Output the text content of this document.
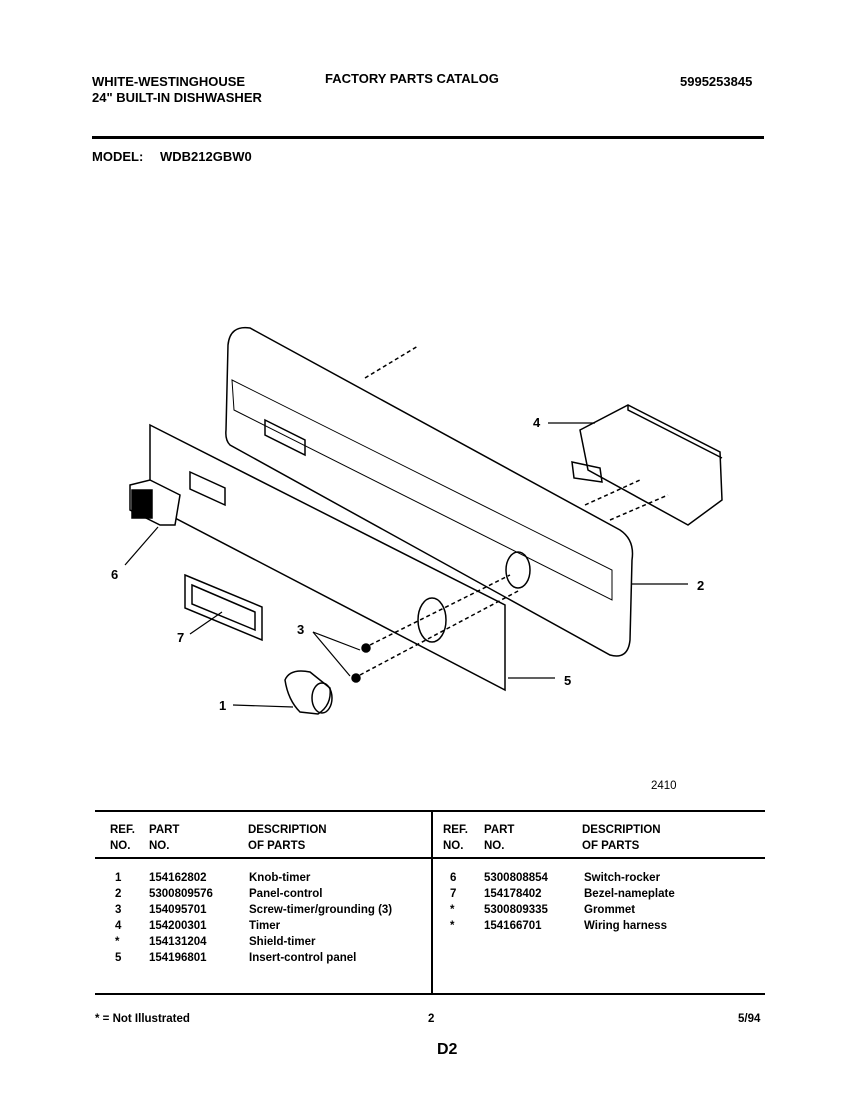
WHITE-WESTINGHOUSE
24" BUILT-IN DISHWASHER
FACTORY PARTS CATALOG	5995253845
MODEL: WDB212GBW0
1
2
3
4
5
6
7
2410
REF.
NO.
PART
NO.
DESCRIPTION
OF PARTS
REF.
NO.
PART
NO.
DESCRIPTION
OF PARTS
1 154162802	Knob-timer
2 5300809576	Panel-control
3 154095701	Screw-timer/grounding (3)
4 154200301	Timer
*	154131204	Shield-timer
5 154196801	Insert-control panel
6 5300808854	Switch-rocker
7 154178402	Bezel-nameplate
*	5300809335	Grommet
*	154166701	Wiring harness
* = Not Illustrated	2	5/94
D2
